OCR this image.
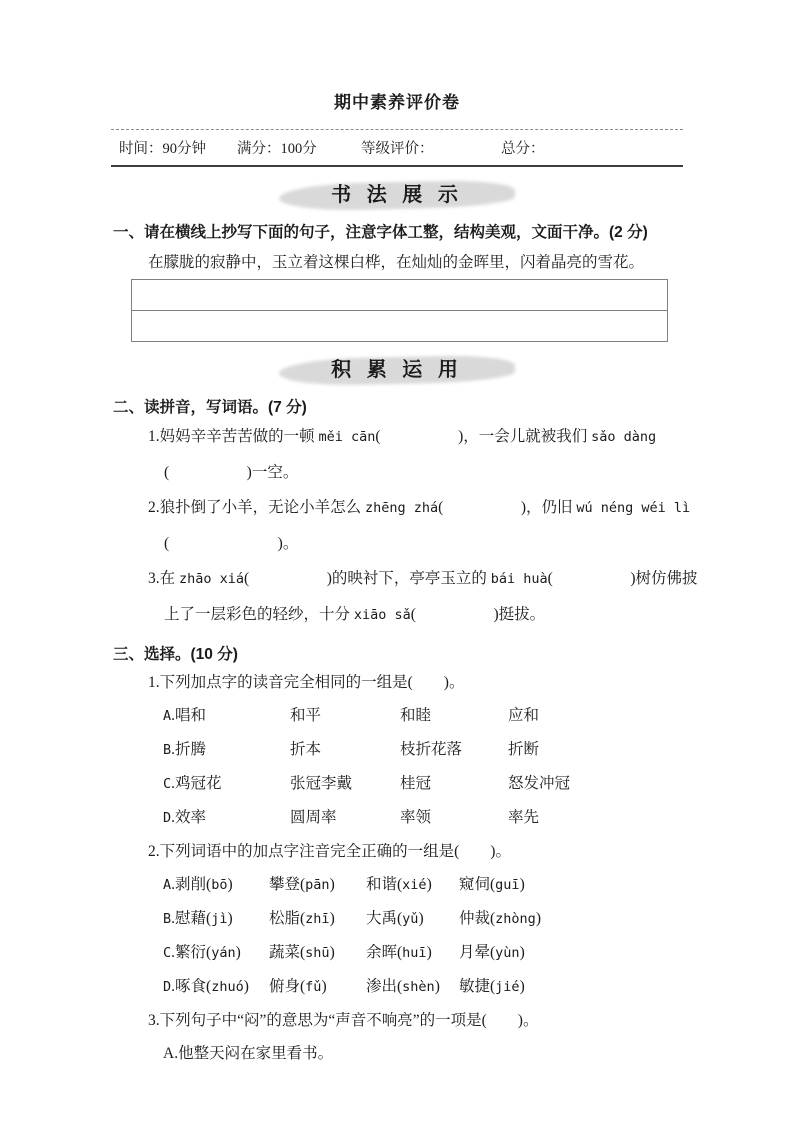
期中素养评价卷
时间：90分钟	满分：100分	等级评价：	总分：
书 法 展 示
一、请在横线上抄写下面的句子，注意字体工整，结构美观，文面干净。(2 分)
在朦胧的寂静中，玉立着这棵白桦，在灿灿的金晖里，闪着晶亮的雪花。
积 累 运 用
二、读拼音，写词语。(7 分)
1.妈妈辛辛苦苦做的一顿 měi cān(　　　　　)，一会儿就被我们 sǎo dàng
(　　　　　)一空。
2.狼扑倒了小羊，无论小羊怎么 zhēng zhá(　　　　　)，仍旧 wú néng wéi lì
(　　　　　　　)。
3.在 zhāo xiá(　　　　　)的映衬下，亭亭玉立的 bái huà(　　　　　)树仿佛披
上了一层彩色的轻纱，十分 xiāo sǎ(　　　　　)挺拔。
三、选择。(10 分)
1.下列加点字的读音完全相同的一组是(　　)。
A.唱和	和平	和睦	应和
B.折腾	折本	枝折花落	折断
C.鸡冠花	张冠李戴	桂冠	怒发冲冠
D.效率	圆周率	率领	率先
2.下列词语中的加点字注音完全正确的一组是(　　)。
A.剥削(bō)	攀登(pān)	和谐(xié)	窥伺(guī)
B.慰藉(jì)	松脂(zhī)	大禹(yǔ)	仲裁(zhòng)
C.繁衍(yán)	蔬菜(shū)	余晖(huī)	月晕(yùn)
D.啄食(zhuó)	俯身(fǔ)	渗出(shèn)	敏捷(jié)
3.下列句子中“闷”的意思为“声音不响亮”的一项是(　　)。
A.他整天闷在家里看书。
